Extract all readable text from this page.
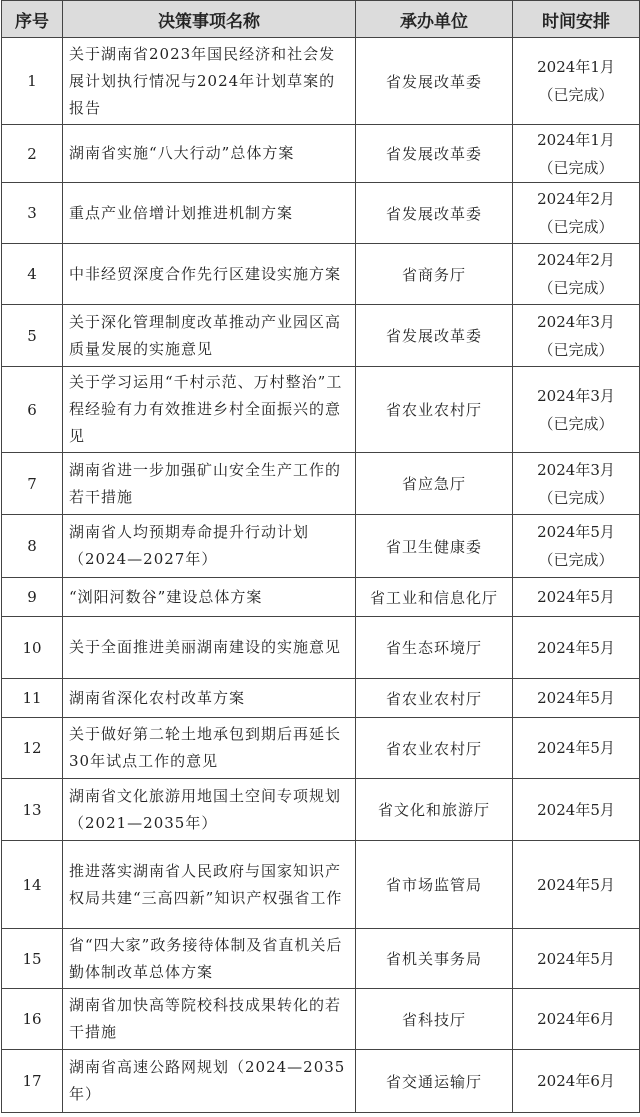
序号	决策事项名称	承办单位	时间安排
1	关于湖南省2023年国民经济和社会发展计划执行情况与2024年计划草案的报告	省发展改革委	2024年1月
（已完成）

2	湖南省实施“八大行动”总体方案	省发展改革委	2024年1月
（已完成）

3	重点产业倍增计划推进机制方案	省发展改革委	2024年2月
（已完成）

4	中非经贸深度合作先行区建设实施方案	省商务厅	2024年2月
（已完成）

5	关于深化管理制度改革推动产业园区高质量发展的实施意见	省发展改革委	2024年3月
（已完成）

6	关于学习运用“千村示范、万村整治”工程经验有力有效推进乡村全面振兴的意见	省农业农村厅	2024年3月
（已完成）

7	湖南省进一步加强矿山安全生产工作的若干措施	省应急厅	2024年3月
（已完成）

8	湖南省人均预期寿命提升行动计划（2024—2027年）	省卫生健康委	2024年5月
（已完成）

9	“浏阳河数谷”建设总体方案	省工业和信息化厅	2024年5月

10	关于全面推进美丽湖南建设的实施意见	省生态环境厅	2024年5月

11	湖南省深化农村改革方案	省农业农村厅	2024年5月

12	关于做好第二轮土地承包到期后再延长30年试点工作的意见	省农业农村厅	2024年5月

13	湖南省文化旅游用地国土空间专项规划（2021—2035年）	省文化和旅游厅	2024年5月

14	推进落实湖南省人民政府与国家知识产权局共建“三高四新”知识产权强省工作	省市场监管局	2024年5月

15	省“四大家”政务接待体制及省直机关后勤体制改革总体方案	省机关事务局	2024年5月

16	湖南省加快高等院校科技成果转化的若干措施	省科技厅	2024年6月

17	湖南省高速公路网规划（2024—2035年）	省交通运输厅	2024年6月
